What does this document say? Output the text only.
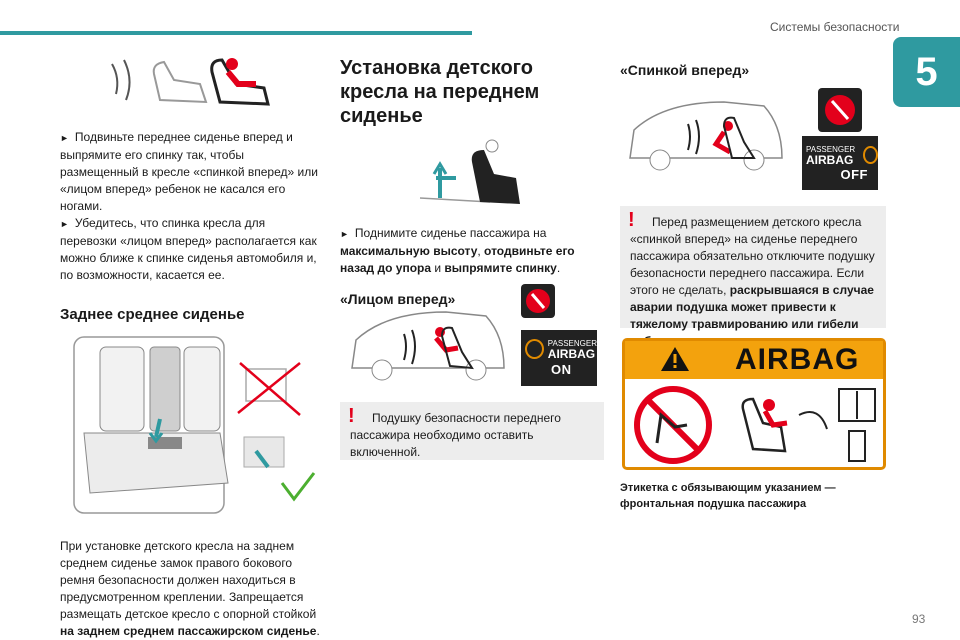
Системы безопасности
5
93
► Подвиньте переднее сиденье вперед и выпрямите его спинку так, чтобы размещенный в кресле «спинкой вперед» или «лицом вперед» ребенок не касался его ногами.
► Убедитесь, что спинка кресла для перевозки «лицом вперед» располагается как можно ближе к спинке сиденья автомобиля и, по возможности, касается ее.
Заднее среднее сиденье
При установке детского кресла на заднем среднем сиденье замок правого бокового ремня безопасности должен находиться в предусмотренном креплении. Запрещается размещать детское кресло с опорной стойкой на заднем среднем пассажирском сиденье.
Установка детского кресла на переднем сиденье
► Поднимите сиденье пассажира на максимальную высоту, отодвиньте его назад до упора и выпрямите спинку.
«Лицом вперед»
PASSENGER
AIRBAG
ON
!	Подушку безопасности переднего пассажира необходимо оставить включенной.
«Спинкой вперед»
PASSENGER
AIRBAG
OFF
!	Перед размещением детского кресла «спинкой вперед» на сиденье переднего пассажира обязательно отключите подушку безопасности переднего пассажира. Если этого не сделать, раскрывшаяся в случае аварии подушка может привести к тяжелому травмированию или гибели
AIRBAG
Этикетка с обязывающим указанием — фронтальная подушка пассажира
